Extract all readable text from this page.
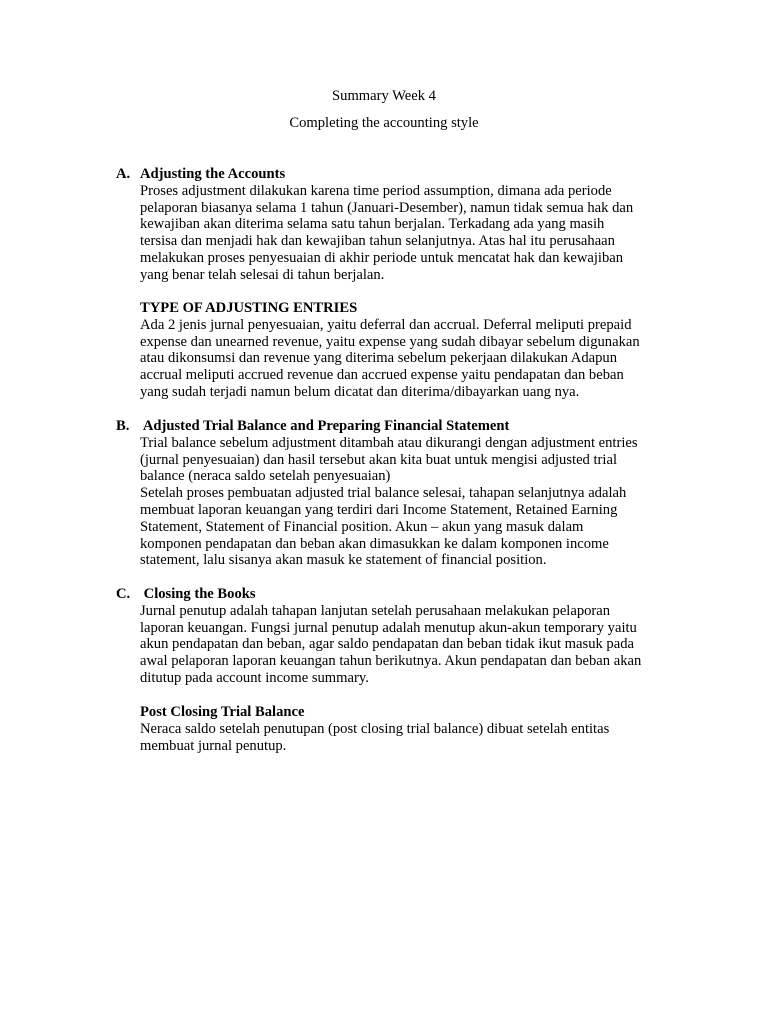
Summary Week 4
Completing the accounting style
A. Adjusting the Accounts
Proses adjustment dilakukan karena time period assumption, dimana ada periode
pelaporan biasanya selama 1 tahun (Januari-Desember), namun tidak semua hak dan
kewajiban akan diterima selama satu tahun berjalan. Terkadang ada yang masih
tersisa dan menjadi hak dan kewajiban tahun selanjutnya. Atas hal itu perusahaan
melakukan proses penyesuaian di akhir periode untuk mencatat hak dan kewajiban
yang benar telah selesai di tahun berjalan.
TYPE OF ADJUSTING ENTRIES
Ada 2 jenis jurnal penyesuaian, yaitu deferral dan accrual. Deferral meliputi prepaid
expense dan unearned revenue, yaitu expense yang sudah dibayar sebelum digunakan
atau dikonsumsi dan revenue yang diterima sebelum pekerjaan dilakukan Adapun
accrual meliputi accrued revenue dan accrued expense yaitu pendapatan dan beban
yang sudah terjadi namun belum dicatat dan diterima/dibayarkan uang nya.
B. Adjusted Trial Balance and Preparing Financial Statement
Trial balance sebelum adjustment ditambah atau dikurangi dengan adjustment entries
(jurnal penyesuaian) dan hasil tersebut akan kita buat untuk mengisi adjusted trial
balance (neraca saldo setelah penyesuaian)
Setelah proses pembuatan adjusted trial balance selesai, tahapan selanjutnya adalah
membuat laporan keuangan yang terdiri dari Income Statement, Retained Earning
Statement, Statement of Financial position. Akun – akun yang masuk dalam
komponen pendapatan dan beban akan dimasukkan ke dalam komponen income
statement, lalu sisanya akan masuk ke statement of financial position.
C. Closing the Books
Jurnal penutup adalah tahapan lanjutan setelah perusahaan melakukan pelaporan
laporan keuangan. Fungsi jurnal penutup adalah menutup akun-akun temporary yaitu
akun pendapatan dan beban, agar saldo pendapatan dan beban tidak ikut masuk pada
awal pelaporan laporan keuangan tahun berikutnya. Akun pendapatan dan beban akan
ditutup pada account income summary.
Post Closing Trial Balance
Neraca saldo setelah penutupan (post closing trial balance) dibuat setelah entitas
membuat jurnal penutup.
